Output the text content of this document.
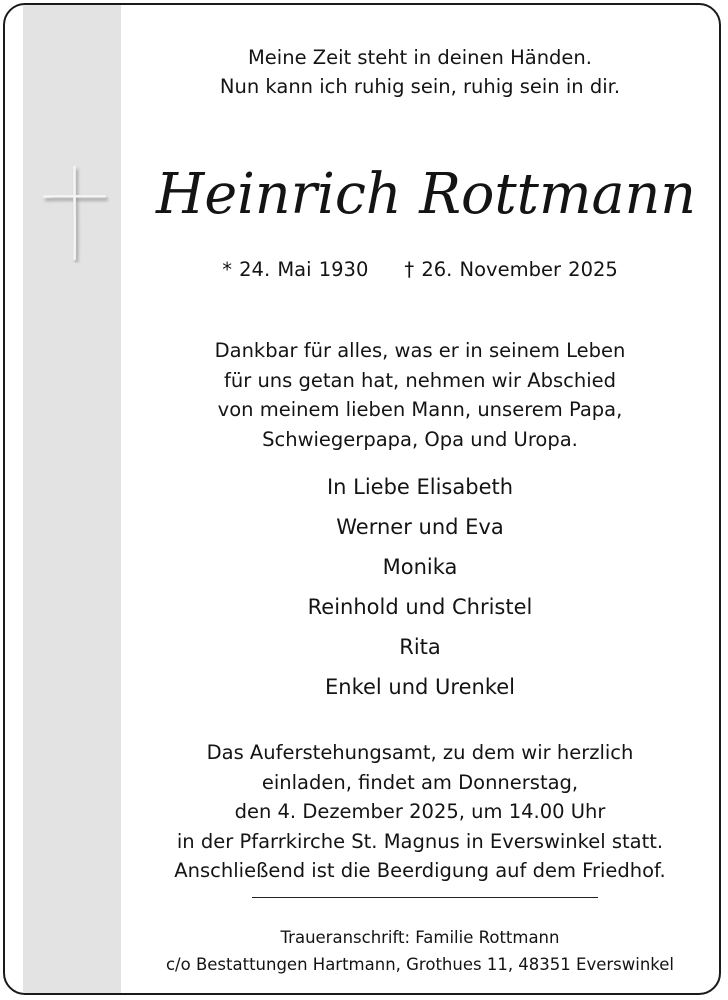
Meine Zeit steht in deinen Händen.
Nun kann ich ruhig sein, ruhig sein in dir.
Heinrich Rottmann
* 24. Mai 1930 † 26. November 2025
Dankbar für alles, was er in seinem Leben
für uns getan hat, nehmen wir Abschied
von meinem lieben Mann, unserem Papa,
Schwiegerpapa, Opa und Uropa.
In Liebe Elisabeth
Werner und Eva
Monika
Reinhold und Christel
Rita
Enkel und Urenkel
Das Auferstehungsamt, zu dem wir herzlich
einladen, findet am Donnerstag,
den 4. Dezember 2025, um 14.00 Uhr
in der Pfarrkirche St. Magnus in Everswinkel statt.
Anschließend ist die Beerdigung auf dem Friedhof.
Traueranschrift: Familie Rottmann
c/o Bestattungen Hartmann, Grothues 11, 48351 Everswinkel
